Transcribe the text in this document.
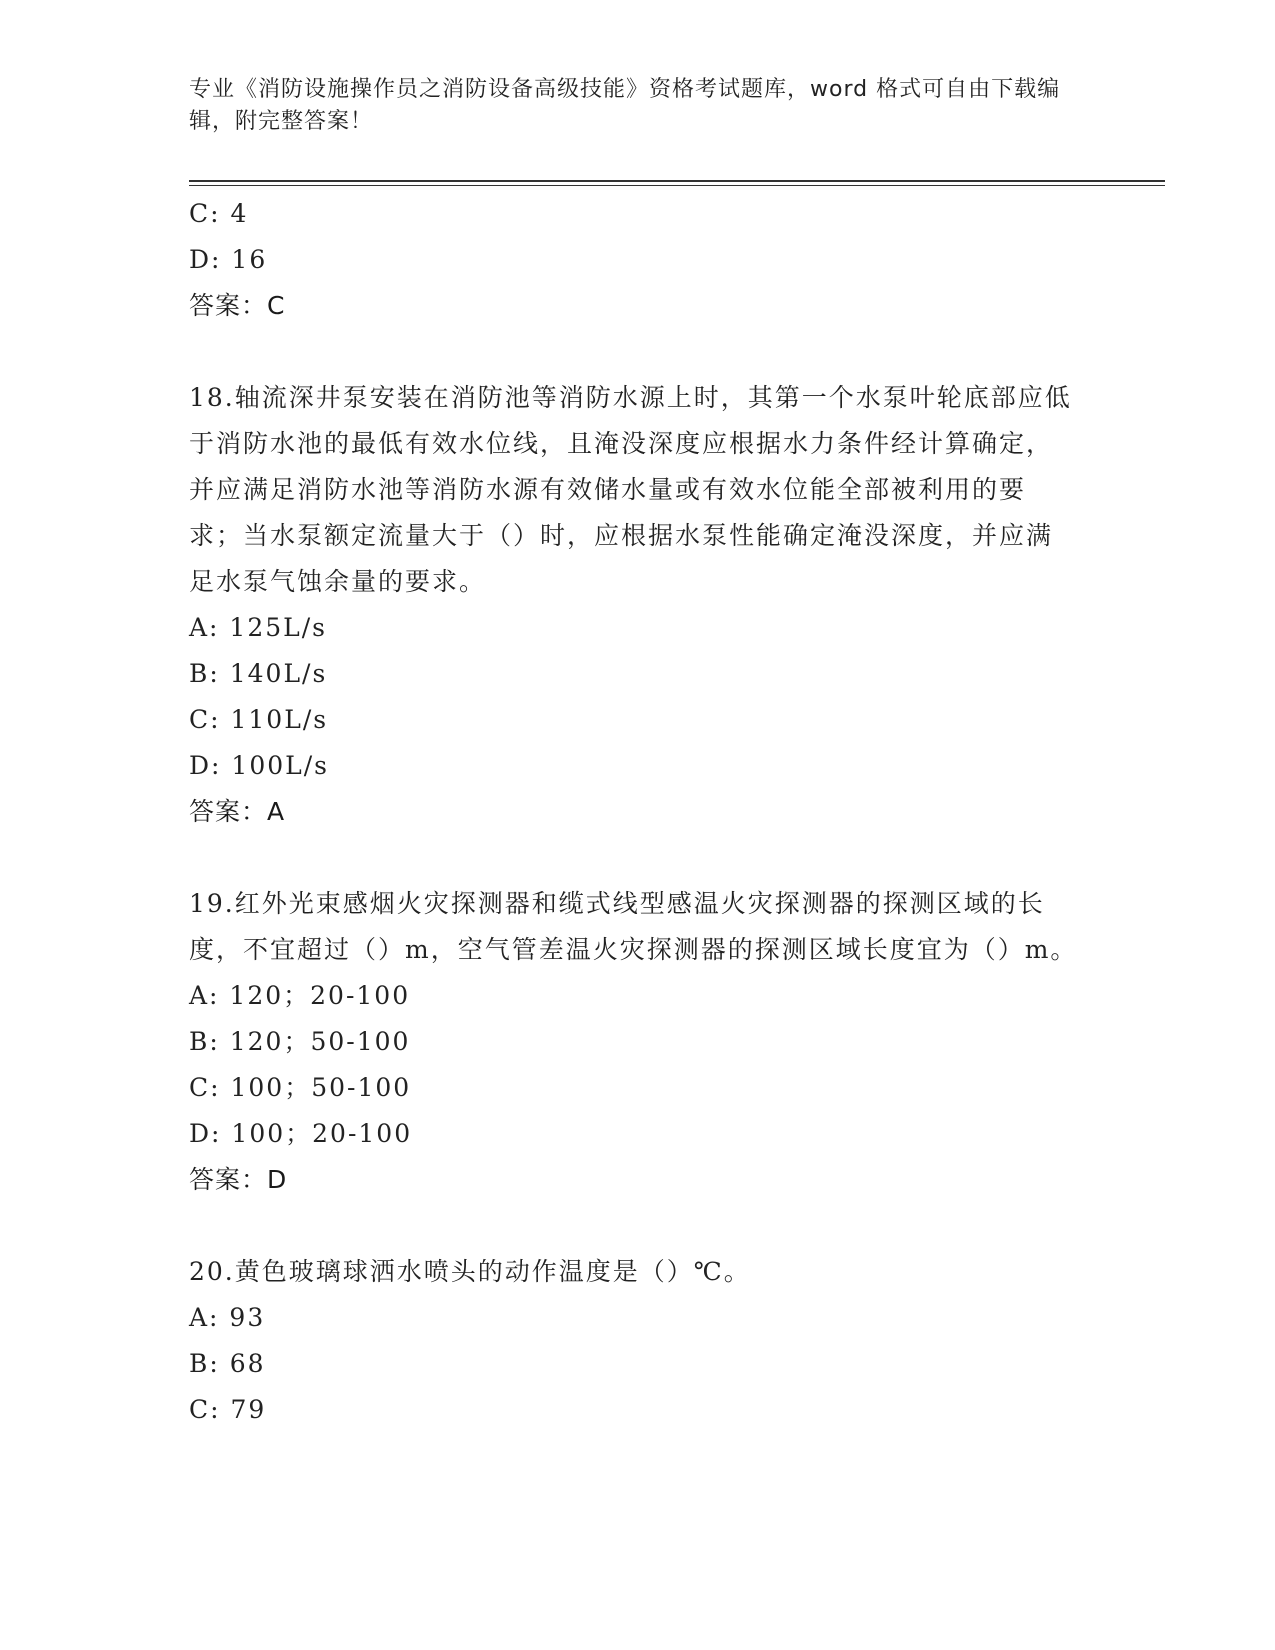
专业《消防设施操作员之消防设备高级技能》资格考试题库，word 格式可自由下载编辑，附完整答案！
C: 4
D: 16
答案：C
18.轴流深井泵安装在消防池等消防水源上时，其第一个水泵叶轮底部应低于消防水池的最低有效水位线，且淹没深度应根据水力条件经计算确定，并应满足消防水池等消防水源有效储水量或有效水位能全部被利用的要求；当水泵额定流量大于（）时，应根据水泵性能确定淹没深度，并应满足水泵气蚀余量的要求。
A: 125L/s
B: 140L/s
C: 110L/s
D: 100L/s
答案：A
19.红外光束感烟火灾探测器和缆式线型感温火灾探测器的探测区域的长度，不宜超过（）m，空气管差温火灾探测器的探测区域长度宜为（）m。
A: 120；20-100
B: 120；50-100
C: 100；50-100
D: 100；20-100
答案：D
20.黄色玻璃球洒水喷头的动作温度是（）℃。
A: 93
B: 68
C: 79
